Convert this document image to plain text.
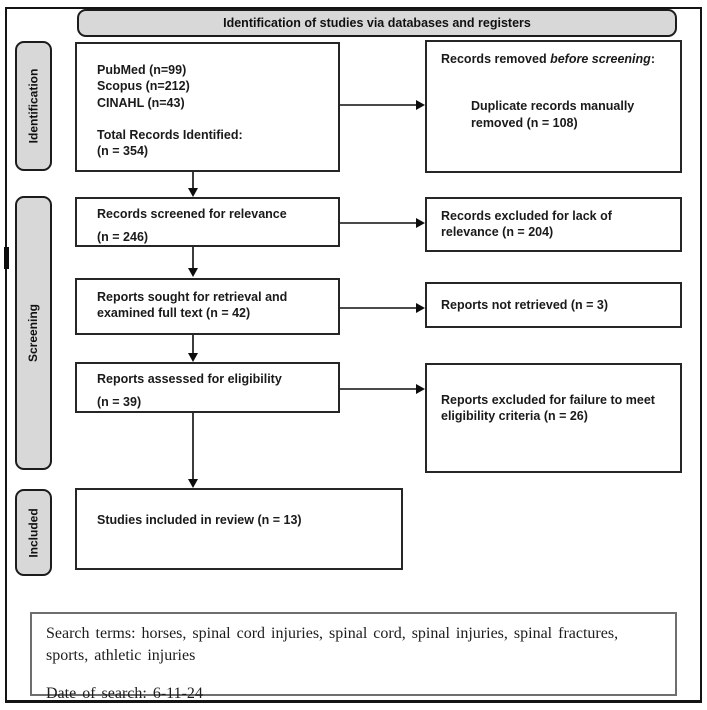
Identification of studies via databases and registers
Identification
Screening
Included

PubMed (n=99)

Scopus (n=212)

CINAHL (n=43)

Total Records Identified:

(n = 354)

Records screened for relevance

(n = 246)

Reports sought for retrieval and examined full text (n = 42)

Reports assessed for eligibility

(n = 39)

Studies included in review (n = 13)

Records removed before screening:

Duplicate records manually removed (n = 108)

Records excluded for lack of relevance (n = 204)

Reports not retrieved (n = 3)

Reports excluded for failure to meet eligibility criteria (n = 26)

Search terms: horses, spinal cord injuries, spinal cord, spinal injuries, spinal fractures, sports, athletic injuries

Date of search: 6-11-24
